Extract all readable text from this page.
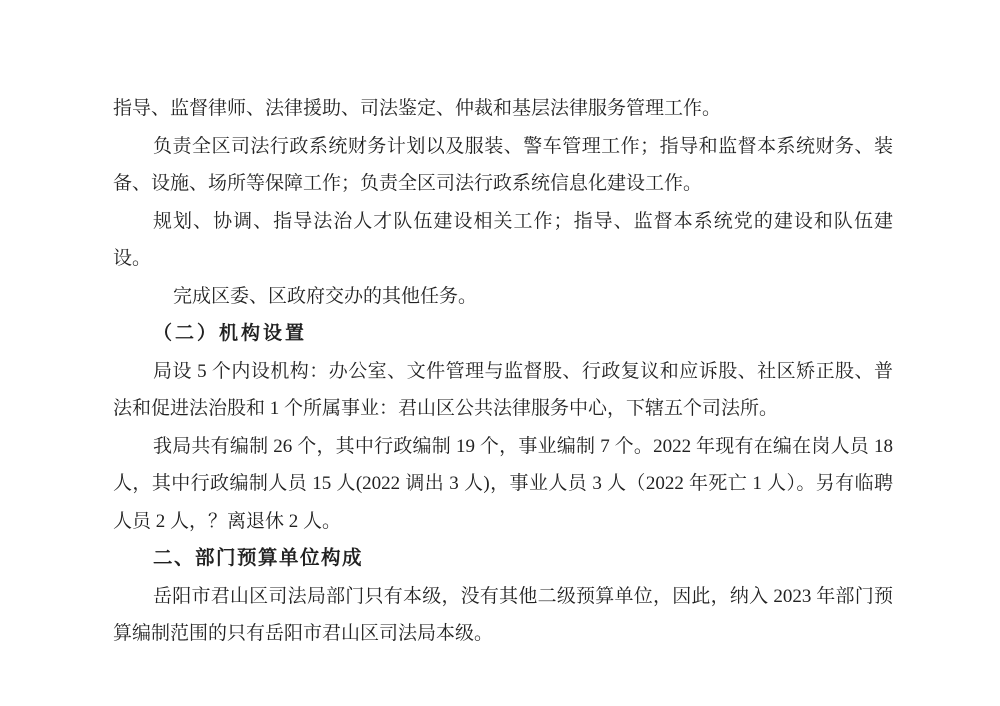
指导、监督律师、法律援助、司法鉴定、仲裁和基层法律服务管理工作。

负责全区司法行政系统财务计划以及服装、警车管理工作；指导和监督本系统财务、装备、设施、场所等保障工作；负责全区司法行政系统信息化建设工作。

规划、协调、指导法治人才队伍建设相关工作；指导、监督本系统党的建设和队伍建设。

完成区委、区政府交办的其他任务。

（二）机构设置

局设 5 个内设机构：办公室、文件管理与监督股、行政复议和应诉股、社区矫正股、普法和促进法治股和 1 个所属事业：君山区公共法律服务中心，下辖五个司法所。

我局共有编制 26 个，其中行政编制 19 个，事业编制 7 个。2022 年现有在编在岗人员 18 人，其中行政编制人员 15 人(2022 调出 3 人)，事业人员 3 人（2022 年死亡 1 人）。另有临聘人员 2 人，？离退休 2 人。

二、部门预算单位构成

岳阳市君山区司法局部门只有本级，没有其他二级预算单位，因此，纳入 2023 年部门预算编制范围的只有岳阳市君山区司法局本级。
